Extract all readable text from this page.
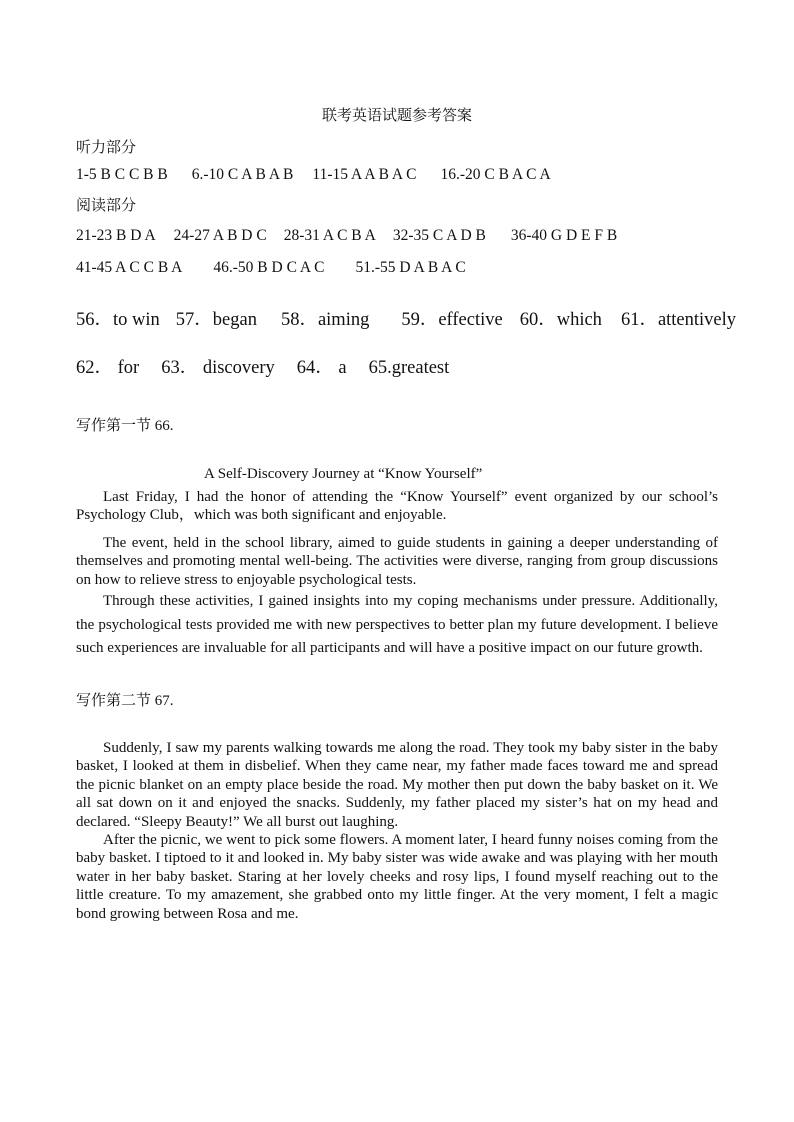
联考英语试题参考答案
听力部分
1-5 B C C B B 6.-10 C A B A B 11-15 A A B A C 16.-20 C B A C A
阅读部分
21-23 B D A 24-27 A B D C 28-31 A C B A 32-35 C A D B 36-40 G D E F B
41-45 A C C B A 46.-50 B D C A C 51.-55 D A B A C
56．to win 57．began 58．aiming 59．effective 60．which 61．attentively
62． for 63． discovery 64． a 65.greatest
写作第一节 66.
A Self-Discovery Journey at “Know Yourself”
Last Friday, I had the honor of attending the “Know Yourself” event organized by our school’s Psychology Club，which was both significant and enjoyable.
The event, held in the school library, aimed to guide students in gaining a deeper understanding of themselves and promoting mental well-being. The activities were diverse, ranging from group discussions on how to relieve stress to enjoyable psychological tests.
Through these activities, I gained insights into my coping mechanisms under pressure. Additionally, the psychological tests provided me with new perspectives to better plan my future development. I believe such experiences are invaluable for all participants and will have a positive impact on our future growth.
写作第二节 67.
Suddenly, I saw my parents walking towards me along the road. They took my baby sister in the baby basket, I looked at them in disbelief. When they came near, my father made faces toward me and spread the picnic blanket on an empty place beside the road. My mother then put down the baby basket on it. We all sat down on it and enjoyed the snacks. Suddenly, my father placed my sister’s hat on my head and declared. “Sleepy Beauty!” We all burst out laughing.
After the picnic, we went to pick some flowers. A moment later, I heard funny noises coming from the baby basket. I tiptoed to it and looked in. My baby sister was wide awake and was playing with her mouth water in her baby basket. Staring at her lovely cheeks and rosy lips, I found myself reaching out to the little creature. To my amazement, she grabbed onto my little finger. At the very moment, I felt a magic bond growing between Rosa and me.
